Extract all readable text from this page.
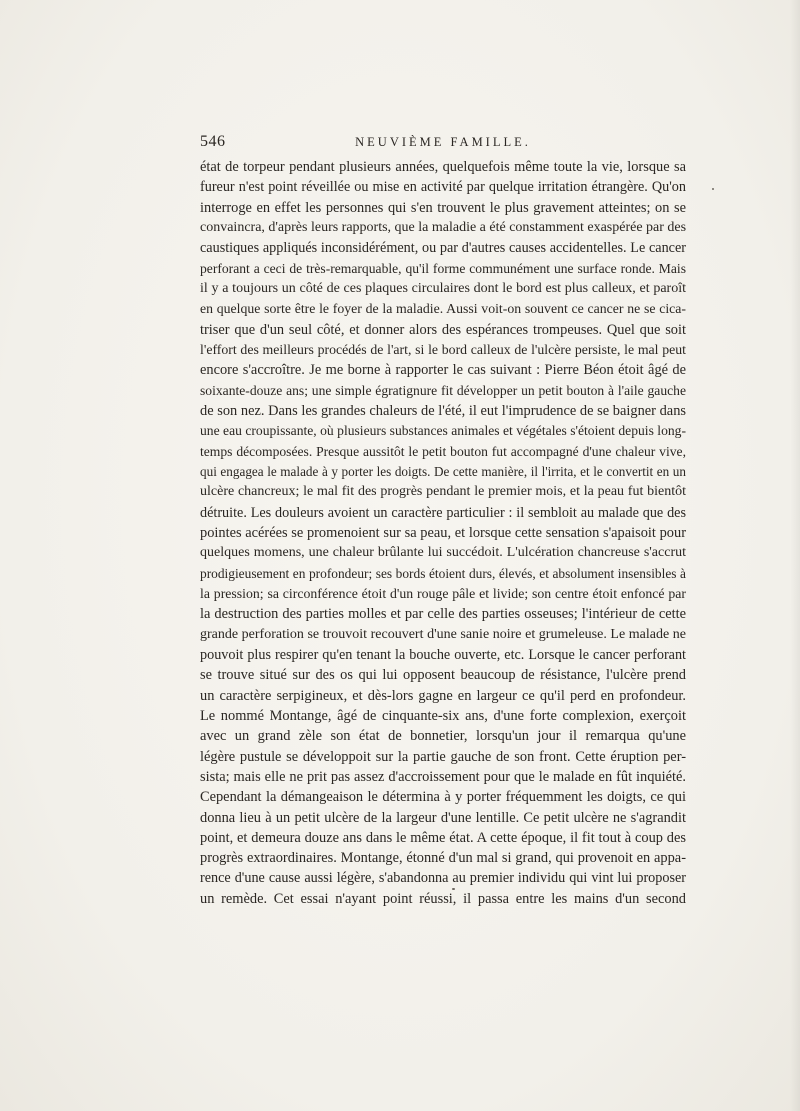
546	NEUVIÈME FAMILLE.
état de torpeur pendant plusieurs années, quelquefois même toute la vie, lorsque sa
fureur n'est point réveillée ou mise en activité par quelque irritation étrangère. Qu'on
interroge en effet les personnes qui s'en trouvent le plus gravement atteintes; on se
convaincra, d'après leurs rapports, que la maladie a été constamment exaspérée par des
caustiques appliqués inconsidérément, ou par d'autres causes accidentelles. Le cancer
perforant a ceci de très-remarquable, qu'il forme communément une surface ronde. Mais
il y a toujours un côté de ces plaques circulaires dont le bord est plus calleux, et paroît
en quelque sorte être le foyer de la maladie. Aussi voit-on souvent ce cancer ne se cica-
triser que d'un seul côté, et donner alors des espérances trompeuses. Quel que soit
l'effort des meilleurs procédés de l'art, si le bord calleux de l'ulcère persiste, le mal peut
encore s'accroître. Je me borne à rapporter le cas suivant : Pierre Béon étoit âgé de
soixante-douze ans; une simple égratignure fit développer un petit bouton à l'aile gauche
de son nez. Dans les grandes chaleurs de l'été, il eut l'imprudence de se baigner dans
une eau croupissante, où plusieurs substances animales et végétales s'étoient depuis long-
temps décomposées. Presque aussitôt le petit bouton fut accompagné d'une chaleur vive,
qui engagea le malade à y porter les doigts. De cette manière, il l'irrita, et le convertit en un
ulcère chancreux; le mal fit des progrès pendant le premier mois, et la peau fut bientôt
détruite. Les douleurs avoient un caractère particulier : il sembloit au malade que des
pointes acérées se promenoient sur sa peau, et lorsque cette sensation s'apaisoit pour
quelques momens, une chaleur brûlante lui succédoit. L'ulcération chancreuse s'accrut
prodigieusement en profondeur; ses bords étoient durs, élevés, et absolument insensibles à
la pression; sa circonférence étoit d'un rouge pâle et livide; son centre étoit enfoncé par
la destruction des parties molles et par celle des parties osseuses; l'intérieur de cette
grande perforation se trouvoit recouvert d'une sanie noire et grumeleuse. Le malade ne
pouvoit plus respirer qu'en tenant la bouche ouverte, etc. Lorsque le cancer perforant
se trouve situé sur des os qui lui opposent beaucoup de résistance, l'ulcère prend
un caractère serpigineux, et dès-lors gagne en largeur ce qu'il perd en profondeur.
Le nommé Montange, âgé de cinquante-six ans, d'une forte complexion, exerçoit
avec un grand zèle son état de bonnetier, lorsqu'un jour il remarqua qu'une
légère pustule se développoit sur la partie gauche de son front. Cette éruption per-
sista; mais elle ne prit pas assez d'accroissement pour que le malade en fût inquiété.
Cependant la démangeaison le détermina à y porter fréquemment les doigts, ce qui
donna lieu à un petit ulcère de la largeur d'une lentille. Ce petit ulcère ne s'agrandit
point, et demeura douze ans dans le même état. A cette époque, il fit tout à coup des
progrès extraordinaires. Montange, étonné d'un mal si grand, qui provenoit en appa-
rence d'une cause aussi légère, s'abandonna au premier individu qui vint lui proposer
un remède. Cet essai n'ayant point réussi, il passa entre les mains d'un second
